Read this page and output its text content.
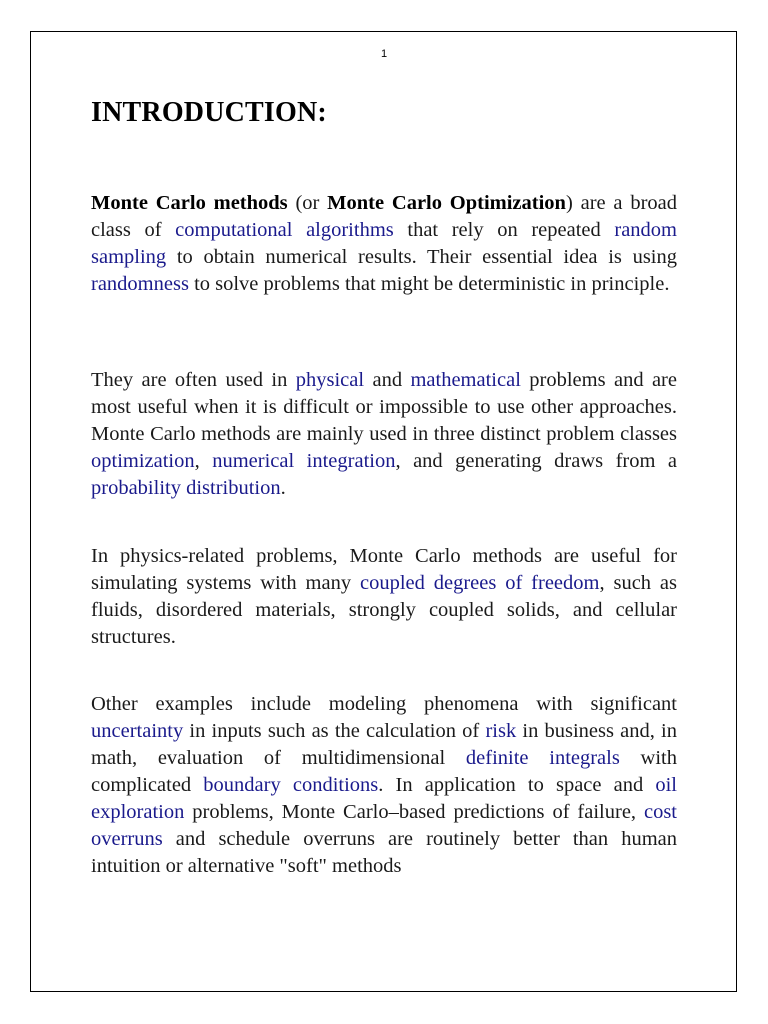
1
INTRODUCTION:

Monte Carlo methods (or Monte Carlo Optimization) are a broad class of computational algorithms that rely on repeated random sampling to obtain numerical results. Their essential idea is using randomness to solve problems that might be deterministic in principle.

They are often used in physical and mathematical problems and are most useful when it is difficult or impossible to use other approaches. Monte Carlo methods are mainly used in three distinct problem classes optimization, numerical integration, and generating draws from a probability distribution.

In physics-related problems, Monte Carlo methods are useful for simulating systems with many coupled degrees of freedom, such as fluids, disordered materials, strongly coupled solids, and cellular structures.

Other examples include modeling phenomena with significant uncertainty in inputs such as the calculation of risk in business and, in math, evaluation of multidimensional definite integrals with complicated boundary conditions. In application to space and oil exploration problems, Monte Carlo–based predictions of failure, cost overruns and schedule overruns are routinely better than human intuition or alternative "soft" methods
